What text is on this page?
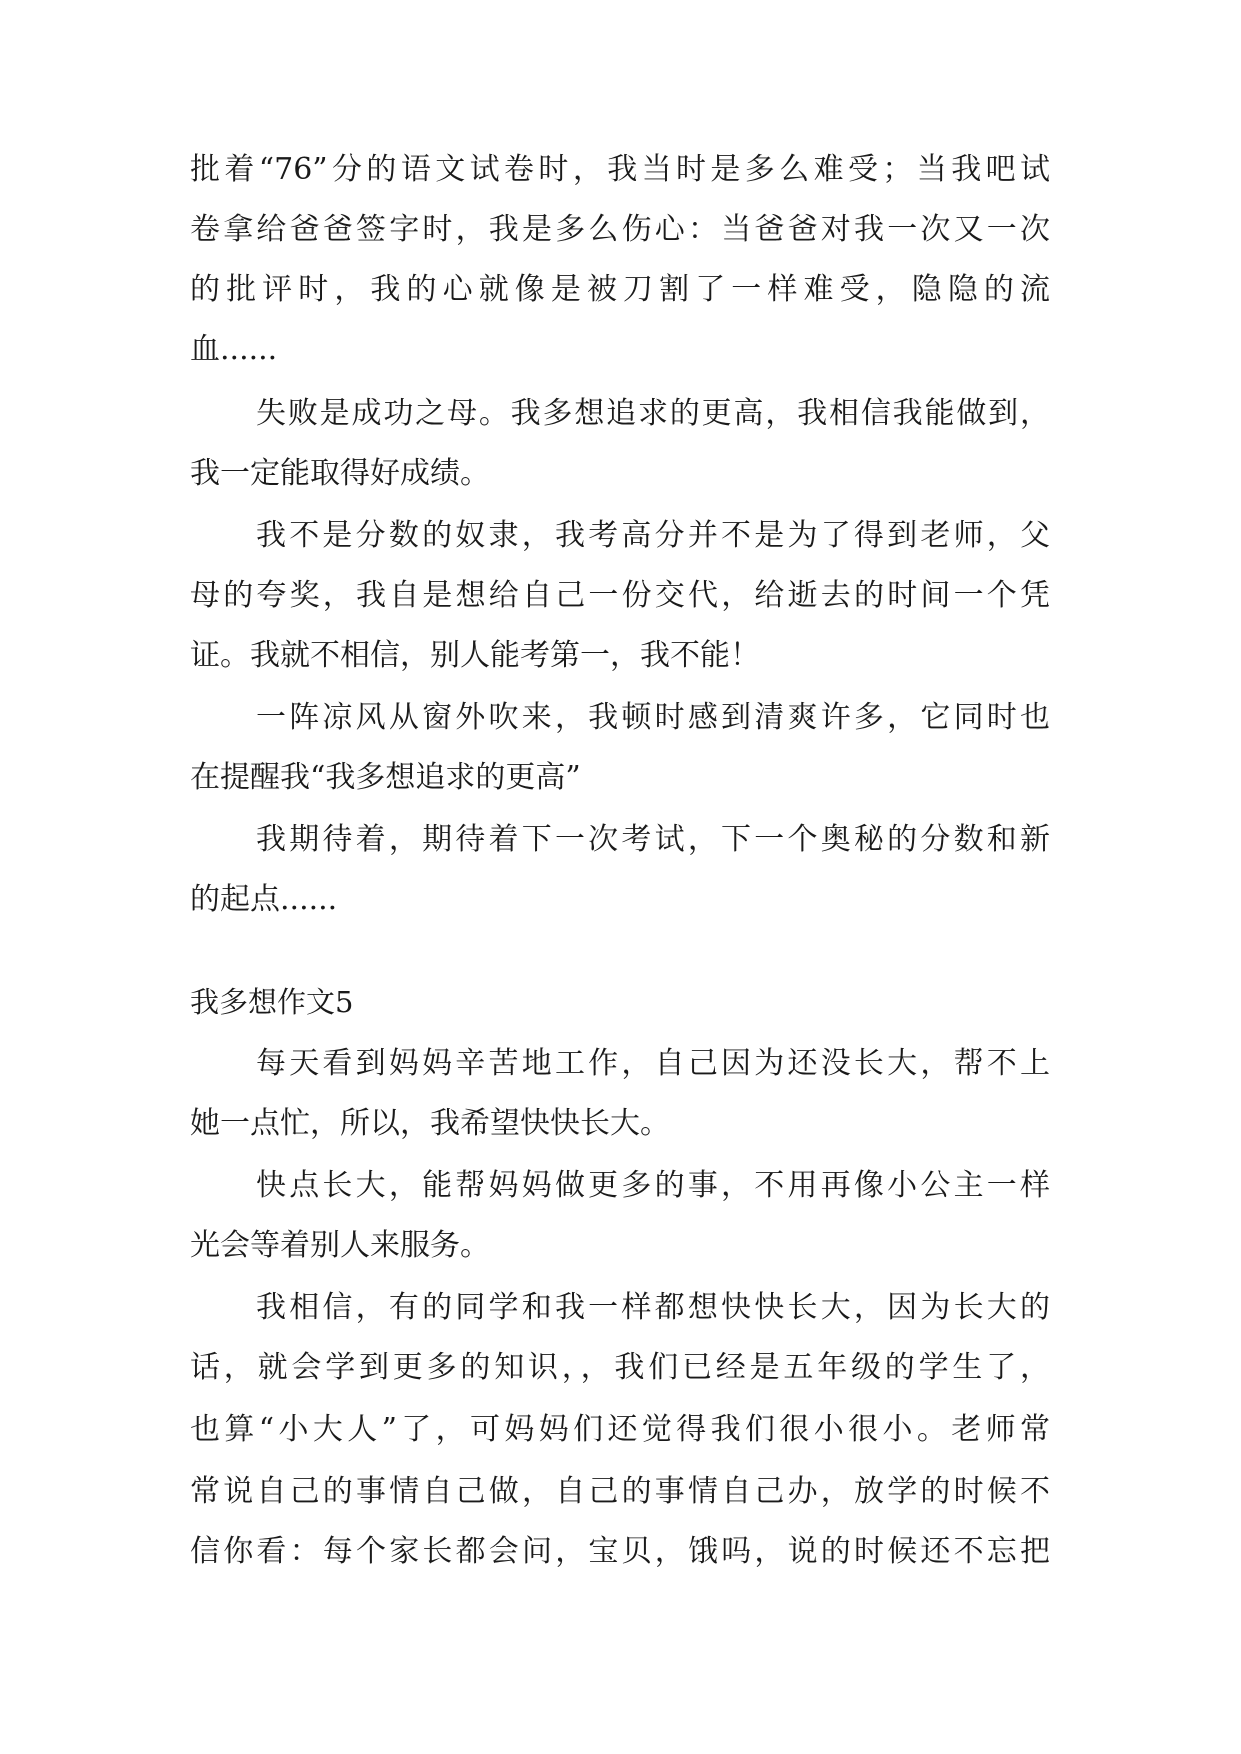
批着“76”分的语文试卷时，我当时是多么难受；当我吧试
卷拿给爸爸签字时，我是多么伤心：当爸爸对我一次又一次
的批评时，我的心就像是被刀割了一样难受，隐隐的流
血......
失败是成功之母。我多想追求的更高，我相信我能做到，
我一定能取得好成绩。
我不是分数的奴隶，我考高分并不是为了得到老师，父
母的夸奖，我自是想给自己一份交代，给逝去的时间一个凭
证。我就不相信，别人能考第一，我不能！
一阵凉风从窗外吹来，我顿时感到清爽许多，它同时也
在提醒我“我多想追求的更高”
我期待着，期待着下一次考试，下一个奥秘的分数和新
的起点......
我多想作文5
每天看到妈妈辛苦地工作，自己因为还没长大，帮不上
她一点忙，所以，我希望快快长大。
快点长大，能帮妈妈做更多的事，不用再像小公主一样
光会等着别人来服务。
我相信，有的同学和我一样都想快快长大，因为长大的
话，就会学到更多的知识，，我们已经是五年级的学生了，
也算“小大人”了，可妈妈们还觉得我们很小很小。老师常
常说自己的事情自己做，自己的事情自己办，放学的时候不
信你看：每个家长都会问，宝贝，饿吗，说的时候还不忘把
